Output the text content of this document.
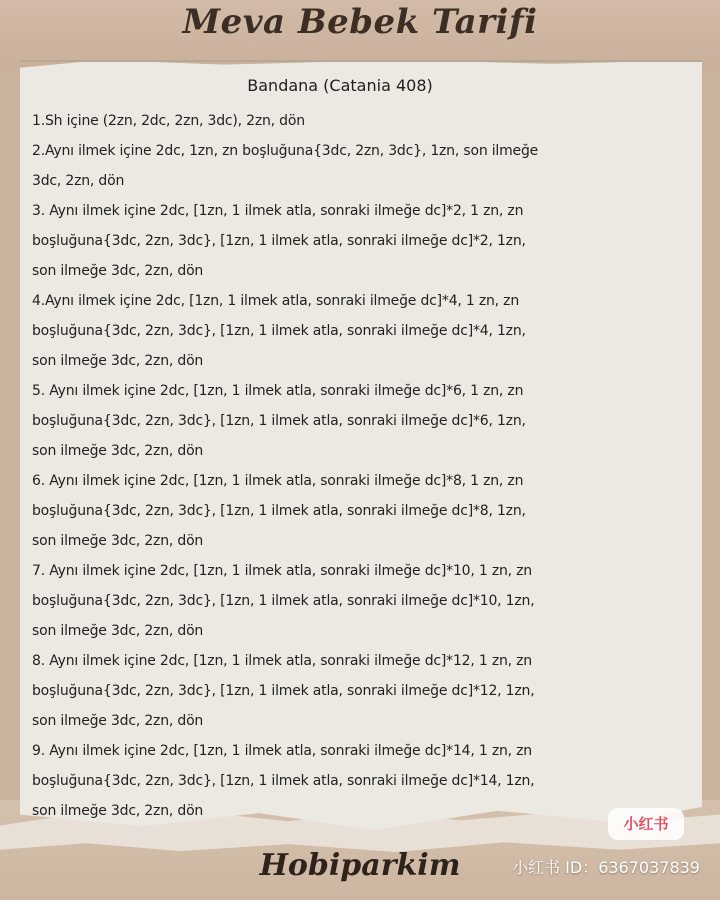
Meva Bebek Tarifi
Bandana (Catania 408)
1.Sh içine (2zn, 2dc, 2zn, 3dc), 2zn, dön
2.Aynı ilmek içine 2dc, 1zn, zn boşluğuna{3dc, 2zn, 3dc}, 1zn, son ilmeğe
3dc, 2zn, dön
3. Aynı ilmek içine 2dc, [1zn, 1 ilmek atla, sonraki ilmeğe dc]*2, 1 zn, zn
boşluğuna{3dc, 2zn, 3dc}, [1zn, 1 ilmek atla, sonraki ilmeğe dc]*2, 1zn,
son ilmeğe 3dc, 2zn, dön
4.Aynı ilmek içine 2dc, [1zn, 1 ilmek atla, sonraki ilmeğe dc]*4, 1 zn, zn
boşluğuna{3dc, 2zn, 3dc}, [1zn, 1 ilmek atla, sonraki ilmeğe dc]*4, 1zn,
son ilmeğe 3dc, 2zn, dön
5. Aynı ilmek içine 2dc, [1zn, 1 ilmek atla, sonraki ilmeğe dc]*6, 1 zn, zn
boşluğuna{3dc, 2zn, 3dc}, [1zn, 1 ilmek atla, sonraki ilmeğe dc]*6, 1zn,
son ilmeğe 3dc, 2zn, dön
6. Aynı ilmek içine 2dc, [1zn, 1 ilmek atla, sonraki ilmeğe dc]*8, 1 zn, zn
boşluğuna{3dc, 2zn, 3dc}, [1zn, 1 ilmek atla, sonraki ilmeğe dc]*8, 1zn,
son ilmeğe 3dc, 2zn, dön
7. Aynı ilmek içine 2dc, [1zn, 1 ilmek atla, sonraki ilmeğe dc]*10, 1 zn, zn
boşluğuna{3dc, 2zn, 3dc}, [1zn, 1 ilmek atla, sonraki ilmeğe dc]*10, 1zn,
son ilmeğe 3dc, 2zn, dön
8. Aynı ilmek içine 2dc, [1zn, 1 ilmek atla, sonraki ilmeğe dc]*12, 1 zn, zn
boşluğuna{3dc, 2zn, 3dc}, [1zn, 1 ilmek atla, sonraki ilmeğe dc]*12, 1zn,
son ilmeğe 3dc, 2zn, dön
9. Aynı ilmek içine 2dc, [1zn, 1 ilmek atla, sonraki ilmeğe dc]*14, 1 zn, zn
boşluğuna{3dc, 2zn, 3dc}, [1zn, 1 ilmek atla, sonraki ilmeğe dc]*14, 1zn,
son ilmeğe 3dc, 2zn, dön
小红书
Hobiparkim	小红书 ID：6367037839
